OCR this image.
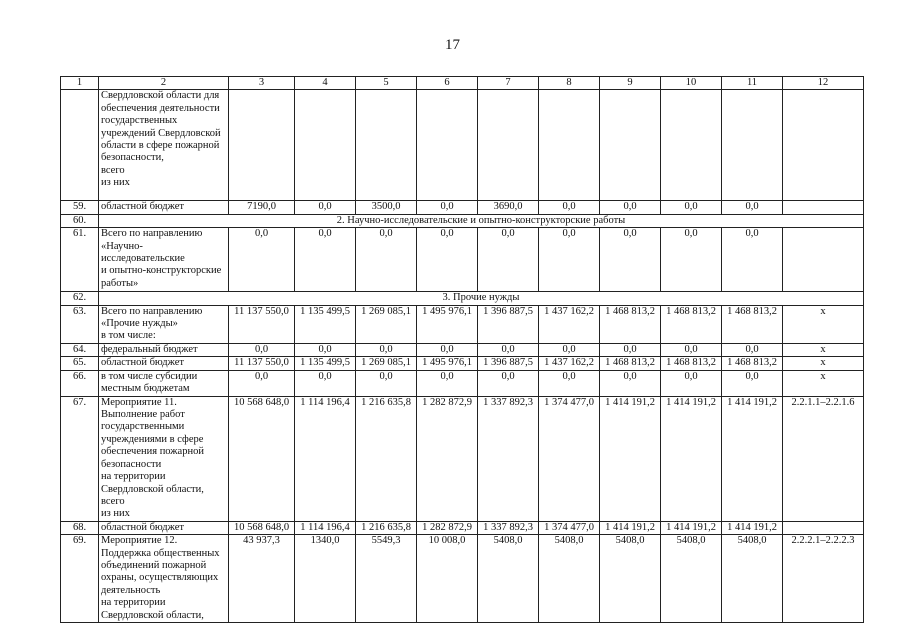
17
1	2	3	4	5	6	7	8	9	10	11	12
	Свердловской области для обеспечения деятельности государственных учреждений Свердловской области в сфере пожарной безопасности,
всего
из них										
59.	областной бюджет	7190,0	0,0	3500,0	0,0	3690,0	0,0	0,0	0,0	0,0	
60.	2. Научно-исследовательские и опытно-конструкторские работы										
61.	Всего по направлению «Научно-исследовательские
и опытно-конструкторские работы»	0,0	0,0	0,0	0,0	0,0	0,0	0,0	0,0	0,0	
62.	3. Прочие нужды										
63.	Всего по направлению «Прочие нужды»
в том числе:	11 137 550,0	1 135 499,5	1 269 085,1	1 495 976,1	1 396 887,5	1 437 162,2	1 468 813,2	1 468 813,2	1 468 813,2	x
64.	федеральный бюджет	0,0	0,0	0,0	0,0	0,0	0,0	0,0	0,0	0,0	x
65.	областной бюджет	11 137 550,0	1 135 499,5	1 269 085,1	1 495 976,1	1 396 887,5	1 437 162,2	1 468 813,2	1 468 813,2	1 468 813,2	x
66.	в том числе субсидии местным бюджетам	0,0	0,0	0,0	0,0	0,0	0,0	0,0	0,0	0,0	x
67.	Мероприятие 11. Выполнение работ государственными учреждениями в сфере обеспечения пожарной безопасности
на территории Свердловской области,
всего
из них	10 568 648,0	1 114 196,4	1 216 635,8	1 282 872,9	1 337 892,3	1 374 477,0	1 414 191,2	1 414 191,2	1 414 191,2	2.2.1.1–2.2.1.6
68.	областной бюджет	10 568 648,0	1 114 196,4	1 216 635,8	1 282 872,9	1 337 892,3	1 374 477,0	1 414 191,2	1 414 191,2	1 414 191,2	
69.	Мероприятие 12. Поддержка общественных объединений пожарной охраны, осуществляющих деятельность
на территории Свердловской области,	43 937,3	1340,0	5549,3	10 008,0	5408,0	5408,0	5408,0	5408,0	5408,0	2.2.2.1–2.2.2.3
